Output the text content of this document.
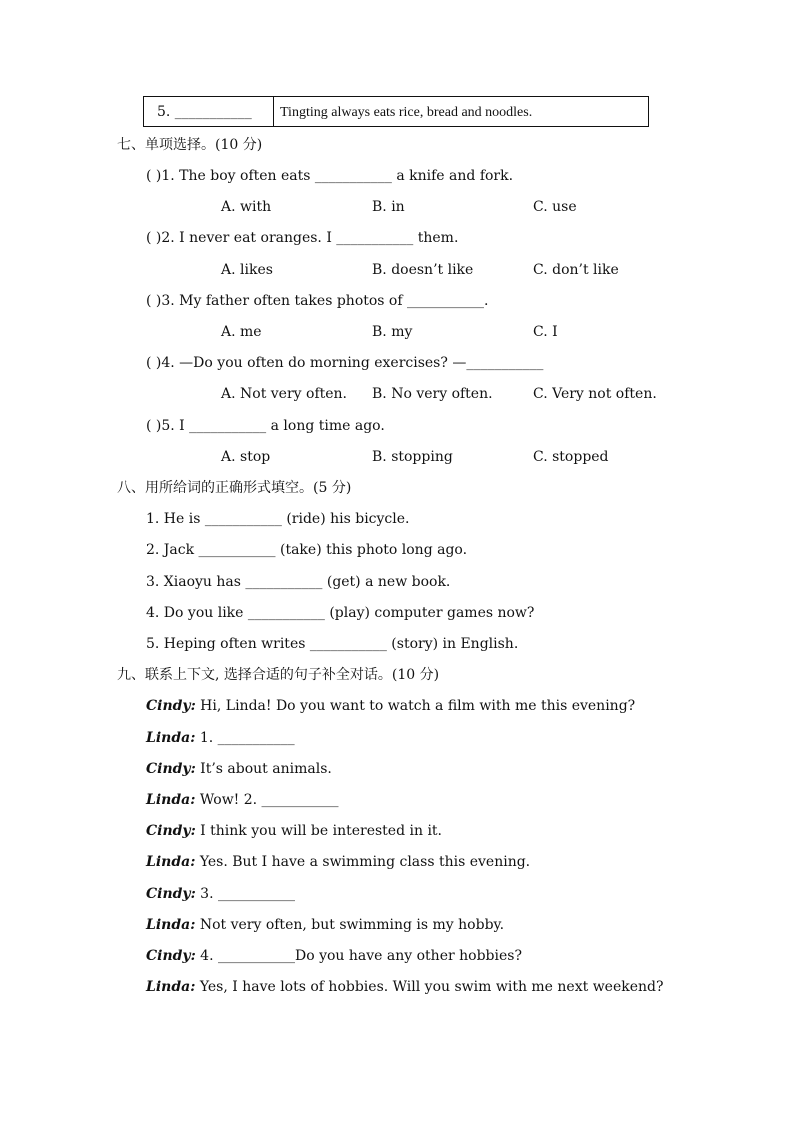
5. ___________	Tingting always eats rice, bread and noodles.
七、单项选择。(10 分)
( )1. The boy often eats ___________ a knife and fork.
A. with	B. in	C. use
( )2. I never eat oranges. I ___________ them.
A. likes	B. doesn’t like	C. don’t like
( )3. My father often takes photos of ___________.
A. me	B. my	C. I
( )4. —Do you often do morning exercises? —___________
A. Not very often. B. No very often.	C. Very not often.
( )5. I ___________ a long time ago.
A. stop	B. stopping	C. stopped
八、用所给词的正确形式填空。(5 分)
1. He is ___________ (ride) his bicycle.
2. Jack ___________ (take) this photo long ago.
3. Xiaoyu has ___________ (get) a new book.
4. Do you like ___________ (play) computer games now?
5. Heping often writes ___________ (story) in English.
九、联系上下文, 选择合适的句子补全对话。(10 分)
Cindy: Hi, Linda! Do you want to watch a film with me this evening?
Linda: 1. ___________
Cindy: It’s about animals.
Linda: Wow! 2. ___________
Cindy: I think you will be interested in it.
Linda: Yes. But I have a swimming class this evening.
Cindy: 3. ___________
Linda: Not very often, but swimming is my hobby.
Cindy: 4. ___________Do you have any other hobbies?
Linda: Yes, I have lots of hobbies. Will you swim with me next weekend?
